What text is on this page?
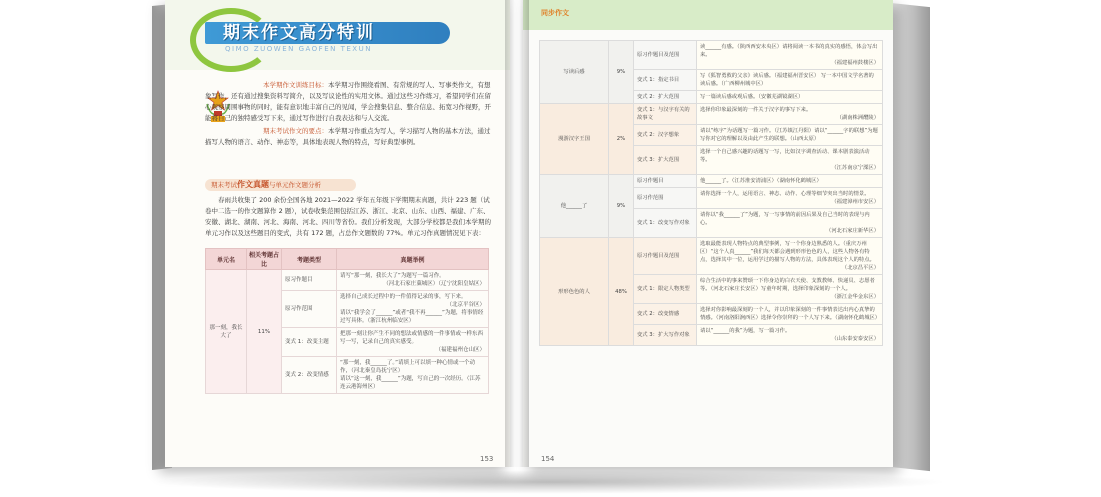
期末作文高分特训
QIMO ZUOWEN GAOFEN TEXUN

本学期作文训练目标：本学期习作围绕看图、有常规的写人、写事类作文，有想象写作，还有通过搜集资料写简介，以及写议论性的实用文体。通过这些习作练习，希望同学们在留心观察周围事物的同时，能有意识地丰富自己的见闻，学会搜集信息、整合信息、拓宽习作视野，开能将自己的独特感受写下来，通过写作进行自我表达和与人交流。

期末考试作文的要点：本学期习作重点为写人，学习描写人物的基本方法，通过描写人物的语言、动作、神态等，具体地表现人物的特点，写好典型事例。

期末考试作文真题与单元作文题分析

春雨共收集了 200 余份全国各地 2021—2022 学年五年级下学期期末真题，共计 223 题（试卷中二选一的作文题算作 2 题），试卷收集范围包括江苏、浙江、北京、山东、山西、福建、广东、安徽、湖北、湖南、河北、海南、河北、四川等省份。我们分析发现，大部分学校都是我们本学期的单元习作以及这些题目的变式，共有 172 题，占总作文题数的 77%。单元习作真题情况见下表：

单元名	相关考题占比	考题类型	真题举例
那一刻，我长大了	11%	原习作题目	请写“那一刻，我长大了”为题写一篇习作。
（河北石家庄藁城区）（辽宁沈阳皇姑区）

		原习作范围	选择自己成长过程中的一件值得记录的事，写下来。
（北京平谷区）
请以“我学会了______”或者“我不再______”为题，将事情经过写具体。（浙江杭州临安区）
		变式 1：改变主题	把那一刻让你产生不同的想法或情感的一件事情或一样东西写一写，记录自己的真实感受。
（福建福州仓山区）

		变式 2：改变情感	“那一刻，我______了。”请填上可以填一种心情或一个动作，（河北秦皇岛抚宁区）
请以“这一刻，我______”为题，写自己的一次经历。（江苏连云港海州区）
153
同步作文
写读后感	9%	原习作题目及范围	读______有感。（陕西西安未央区）请将阅读一本书的真实的感悟，体会写出来。
（福建福州鼓楼区）

		变式 1：指定书目	写《狐智勇救的父亲》读后感。（福建福州晋安区） 写一本中国文学名著的读后感。（广西柳州城中区）
		变式 2：扩大范围	写一篇读后感或观后感。（安徽芜湖镜湖区）

漫游汉字王国	2%	变式 1：与汉字有关的故事文	选择你印象最深刻的一件关于汉字的事写下来。
（湖南株洲醴陵）

		变式 2：汉字想象	请以“练字”为话题写一篇习作。（江苏镇江丹阳）请以“______字的联想”为题写你对它的理解以及由此产生的联想。（山西太原）

		变式 3：扩大范围	选择一个自己感兴趣的话题写一写，比如汉字调查活动、课本剧表演活动等。
（江苏南京宁溧区）

他______了	9%	原习作题目	他______了。（江苏淮安清浦区）（湖南怀化鹤城区）

		原习作范围	请你选择一个人，运用语言、神态、动作、心理等细节突出当时的情景。
（福建漳州市安区）

		变式 1：改变写作对象	请你以“我______了”为题，写一写事情的前因后果及自己当时的表现与内心。
（河北石家庄新华区）

形形色色的人	48%	原习作题目及范围	选取最能表现人物特点的典型事例，写一个你身边熟悉的人。（重庆万州区）“这个人真______”我们每天都会遇到形形色色的人，这些人物各有特点，选择其中一位，运用学过的描写人物的方法，具体表现这个人的特点。
（北京昌平区）

		变式 1：限定人物类型	综合生活中的事来赞颂一下你身边的白衣天使、支教教师、快递员、志愿者等。（河北石家庄长安区）写童年时期，选择印象深刻的一个人。
（浙江金华金东区）

		变式 2：改变情感	选择对你影响最深刻的一个人，并以印象深刻的一件事情表达出内心真挚的情感。（河南洛阳涧西区）选择令你崇拜的一个人写下来。（湖南怀化鹤城区）

		变式 3：扩大写作对象	请以“______的我”为题，写一篇习作。
（山东泰安泰安区）
154
